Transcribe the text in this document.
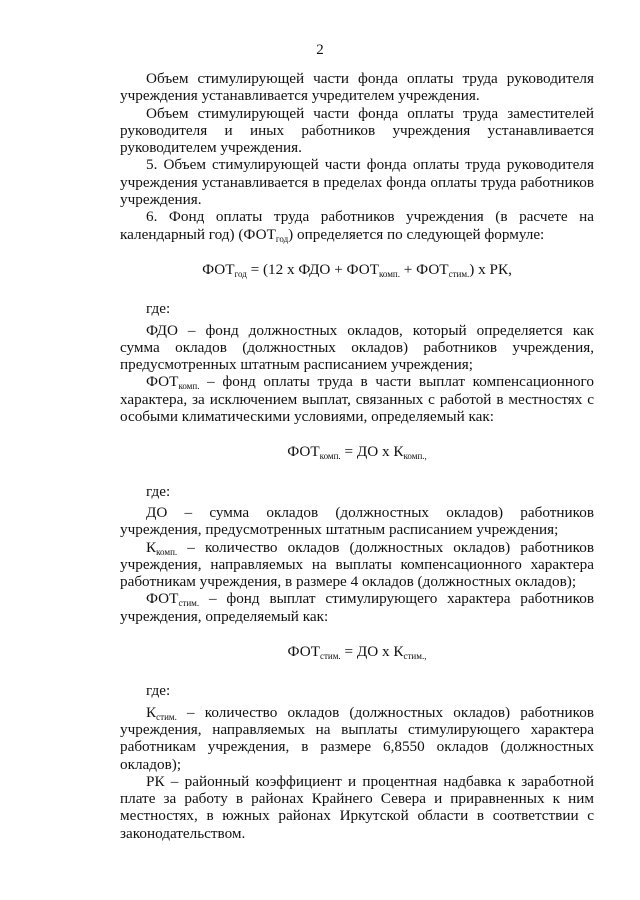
2

Объем стимулирующей части фонда оплаты труда руководителя учреждения устанавливается учредителем учреждения.

Объем стимулирующей части фонда оплаты труда заместителей руководителя и иных работников учреждения устанавливается руководителем учреждения.

5. Объем стимулирующей части фонда оплаты труда руководителя учреждения устанавливается в пределах фонда оплаты труда работников учреждения.

6. Фонд оплаты труда работников учреждения (в расчете на календарный год) $(ФОТ_{год})$ определяется по следующей формуле:

$ФОТ_{год} = (12$ х ФДО + $ФОТ_{комп.} + ФОТ_{стим.}$) х РК,

где:

ФДО – фонд должностных окладов, который определяется как сумма окладов (должностных окладов) работников учреждения, предусмотренных штатным расписанием учреждения;

$ФОТ_{комп.}$ – фонд оплаты труда в части выплат компенсационного характера, за исключением выплат, связанных с работой в местностях с особыми климатическими условиями, определяемый как:

$ФОТ_{комп.}$ = ДО х $К_{комп.,}$

где:

ДО – сумма окладов (должностных окладов) работников учреждения, предусмотренных штатным расписанием учреждения;

$К_{комп.}$ – количество окладов (должностных окладов) работников учреждения, направляемых на выплаты компенсационного характера работникам учреждения, в размере 4 окладов (должностных окладов);

$ФОТ_{стим.}$ – фонд выплат стимулирующего характера работников учреждения, определяемый как:

$ФОТ_{стим.}$ = ДО х $К_{стим.,}$

где:

$К_{стим.}$ – количество окладов (должностных окладов) работников учреждения, направляемых на выплаты стимулирующего характера работникам учреждения, в размере 6,8550 окладов (должностных окладов);

РК – районный коэффициент и процентная надбавка к заработной плате за работу в районах Крайнего Севера и приравненных к ним местностях, в южных районах Иркутской области в соответствии с законодательством.
